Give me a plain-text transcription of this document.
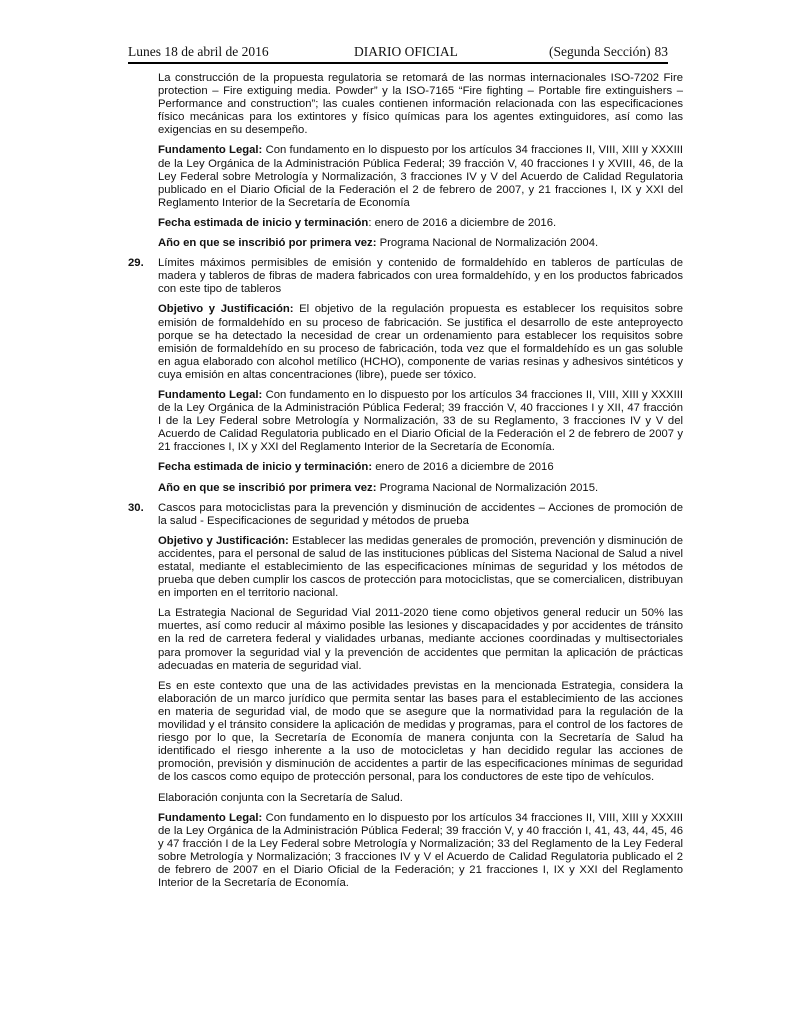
Lunes 18 de abril de 2016	DIARIO OFICIAL	(Segunda Sección) 83

La construcción de la propuesta regulatoria se retomará de las normas internacionales ISO-7202 Fire protection – Fire extiguing media. Powder” y la ISO-7165 “Fire fighting – Portable fire extinguishers – Performance and construction”; las cuales contienen información relacionada con las especificaciones físico mecánicas para los extintores y físico químicas para los agentes extinguidores, así como las exigencias en su desempeño.

Fundamento Legal: Con fundamento en lo dispuesto por los artículos 34 fracciones II, VIII, XIII y XXXIII de la Ley Orgánica de la Administración Pública Federal; 39 fracción V, 40 fracciones I y XVIII, 46, de la Ley Federal sobre Metrología y Normalización, 3 fracciones IV y V del Acuerdo de Calidad Regulatoria publicado en el Diario Oficial de la Federación el 2 de febrero de 2007, y 21 fracciones I, IX y XXI del Reglamento Interior de la Secretaría de Economía

Fecha estimada de inicio y terminación: enero de 2016 a diciembre de 2016.

Año en que se inscribió por primera vez: Programa Nacional de Normalización 2004.

29. Límites máximos permisibles de emisión y contenido de formaldehído en tableros de partículas de madera y tableros de fibras de madera fabricados con urea formaldehído, y en los productos fabricados con este tipo de tableros

Objetivo y Justificación: El objetivo de la regulación propuesta es establecer los requisitos sobre emisión de formaldehído en su proceso de fabricación. Se justifica el desarrollo de este anteproyecto porque se ha detectado la necesidad de crear un ordenamiento para establecer los requisitos sobre emisión de formaldehído en su proceso de fabricación, toda vez que el formaldehído es un gas soluble en agua elaborado con alcohol metílico (HCHO), componente de varias resinas y adhesivos sintéticos y cuya emisión en altas concentraciones (libre), puede ser tóxico.

Fundamento Legal: Con fundamento en lo dispuesto por los artículos 34 fracciones II, VIII, XIII y XXXIII de la Ley Orgánica de la Administración Pública Federal; 39 fracción V, 40 fracciones I y XII, 47 fracción I de la Ley Federal sobre Metrología y Normalización, 33 de su Reglamento, 3 fracciones IV y V del Acuerdo de Calidad Regulatoria publicado en el Diario Oficial de la Federación el 2 de febrero de 2007 y 21 fracciones I, IX y XXI del Reglamento Interior de la Secretaría de Economía.

Fecha estimada de inicio y terminación: enero de 2016 a diciembre de 2016

Año en que se inscribió por primera vez: Programa Nacional de Normalización 2015.

30. Cascos para motociclistas para la prevención y disminución de accidentes – Acciones de promoción de la salud - Especificaciones de seguridad y métodos de prueba

Objetivo y Justificación: Establecer las medidas generales de promoción, prevención y disminución de accidentes, para el personal de salud de las instituciones públicas del Sistema Nacional de Salud a nivel estatal, mediante el establecimiento de las especificaciones mínimas de seguridad y los métodos de prueba que deben cumplir los cascos de protección para motociclistas, que se comercialicen, distribuyan en importen en el territorio nacional.

La Estrategia Nacional de Seguridad Vial 2011-2020 tiene como objetivos general reducir un 50% las muertes, así como reducir al máximo posible las lesiones y discapacidades y por accidentes de tránsito en la red de carretera federal y vialidades urbanas, mediante acciones coordinadas y multisectoriales para promover la seguridad vial y la prevención de accidentes que permitan la aplicación de prácticas adecuadas en materia de seguridad vial.

Es en este contexto que una de las actividades previstas en la mencionada Estrategia, considera la elaboración de un marco jurídico que permita sentar las bases para el establecimiento de las acciones en materia de seguridad vial, de modo que se asegure que la normatividad para la regulación de la movilidad y el tránsito considere la aplicación de medidas y programas, para el control de los factores de riesgo por lo que, la Secretaría de Economía de manera conjunta con la Secretaría de Salud ha identificado el riesgo inherente a la uso de motocicletas y han decidido regular las acciones de promoción, previsión y disminución de accidentes a partir de las especificaciones mínimas de seguridad de los cascos como equipo de protección personal, para los conductores de este tipo de vehículos.

Elaboración conjunta con la Secretaría de Salud.

Fundamento Legal: Con fundamento en lo dispuesto por los artículos 34 fracciones II, VIII, XIII y XXXIII de la Ley Orgánica de la Administración Pública Federal; 39 fracción V, y 40 fracción I, 41, 43, 44, 45, 46 y 47 fracción I de la Ley Federal sobre Metrología y Normalización; 33 del Reglamento de la Ley Federal sobre Metrología y Normalización; 3 fracciones IV y V el Acuerdo de Calidad Regulatoria publicado el 2 de febrero de 2007 en el Diario Oficial de la Federación; y 21 fracciones I, IX y XXI del Reglamento Interior de la Secretaría de Economía.
